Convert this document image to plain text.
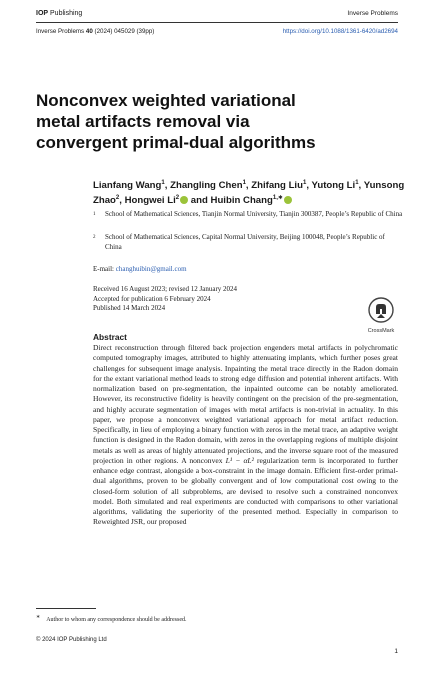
IOP Publishing	Inverse Problems
Inverse Problems 40 (2024) 045029 (39pp)	https://doi.org/10.1088/1361-6420/ad2694
Nonconvex weighted variational metal artifacts removal via convergent primal-dual algorithms
Lianfang Wang$^1$, Zhangling Chen$^1$, Zhifang Liu$^1$, Yutong Li$^1$, Yunsong Zhao$^2$, Hongwei Li$^2$ and Huibin Chang$^{1,∗}$
1	School of Mathematical Sciences, Tianjin Normal University, Tianjin 300387, People’s Republic of China
2	School of Mathematical Sciences, Capital Normal University, Beijing 100048, People’s Republic of China
E-mail: changhuibin@gmail.com
Received 16 August 2023; revised 12 January 2024
Accepted for publication 6 February 2024
Published 14 March 2024
CrossMark
Abstract
Direct reconstruction through filtered back projection engenders metal artifacts in polychromatic computed tomography images, attributed to highly attenuating implants, which further poses great challenges for subsequent image analysis. Inpainting the metal trace directly in the Radon domain for the extant variational method leads to strong edge diffusion and potential inherent artifacts. With normalization based on pre-segmentation, the inpainted outcome can be notably ameliorated. However, its reconstructive fidelity is heavily contingent on the precision of the pre-segmentation, and highly accurate segmentation of images with metal artifacts is non-trivial in actuality. In this paper, we propose a nonconvex weighted variational approach for metal artifact reduction. Specifically, in lieu of employing a binary function with zeros in the metal trace, an adaptive weight function is designed in the Radon domain, with zeros in the overlapping regions of multiple disjoint metals as well as areas of highly attenuated projections, and the inverse square root of the measured projection in other regions. A nonconvex L¹ − αL² regularization term is incorporated to further enhance edge contrast, alongside a box-constraint in the image domain. Efficient first-order primal-dual algorithms, proven to be globally convergent and of low computational cost owing to the closed-form solution of all subproblems, are devised to resolve such a constrained nonconvex model. Both simulated and real experiments are conducted with comparisons to other variational algorithms, validating the superiority of the presented method. Especially in comparison to Reweighted JSR, our proposed
∗ Author to whom any correspondence should be addressed.
© 2024 IOP Publishing Ltd
1
